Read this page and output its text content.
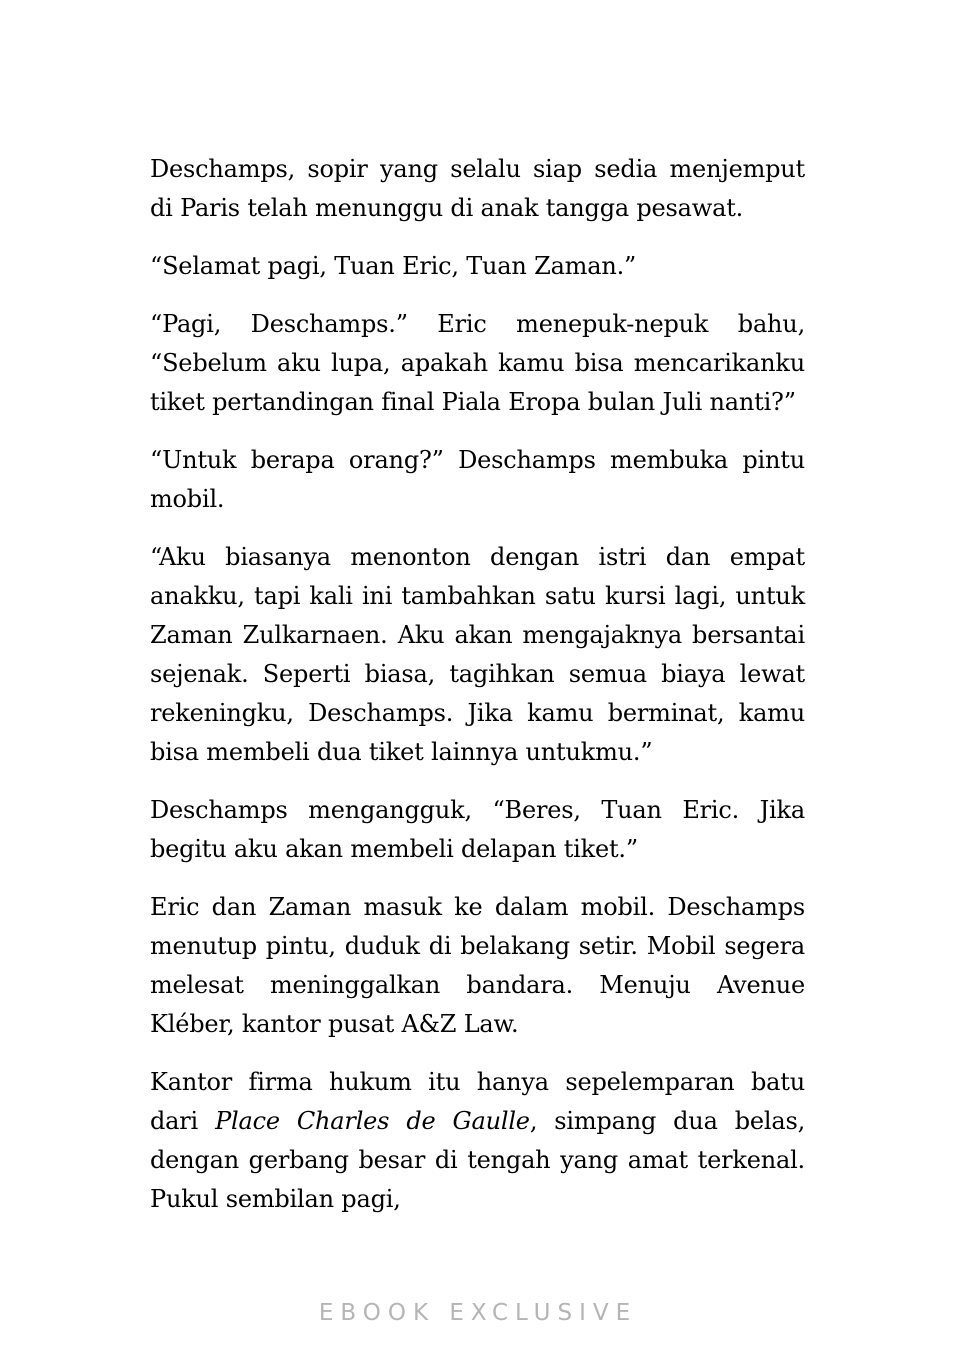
Deschamps, sopir yang selalu siap sedia menjemput di Paris telah menunggu di anak tangga pesawat.

“Selamat pagi, Tuan Eric, Tuan Zaman.”

“Pagi, Deschamps.” Eric menepuk-nepuk bahu, “Sebelum aku lupa, apakah kamu bisa mencarikanku tiket pertandingan final Piala Eropa bulan Juli nanti?”

“Untuk berapa orang?” Deschamps membuka pintu mobil.

“Aku biasanya menonton dengan istri dan empat anakku, tapi kali ini tambahkan satu kursi lagi, untuk Zaman Zulkarnaen. Aku akan mengajaknya bersantai sejenak. Seperti biasa, tagihkan semua biaya lewat rekeningku, Deschamps. Jika kamu berminat, kamu bisa membeli dua tiket lainnya untukmu.”

Deschamps mengangguk, “Beres, Tuan Eric. Jika begitu aku akan membeli delapan tiket.”

Eric dan Zaman masuk ke dalam mobil. Deschamps menutup pintu, duduk di belakang setir. Mobil segera melesat meninggalkan bandara. Menuju Avenue Kléber, kantor pusat A&Z Law.

Kantor firma hukum itu hanya sepelemparan batu dari Place Charles de Gaulle, simpang dua belas, dengan gerbang besar di tengah yang amat terkenal. Pukul sembilan pagi,

EBOOK EXCLUSIVE
